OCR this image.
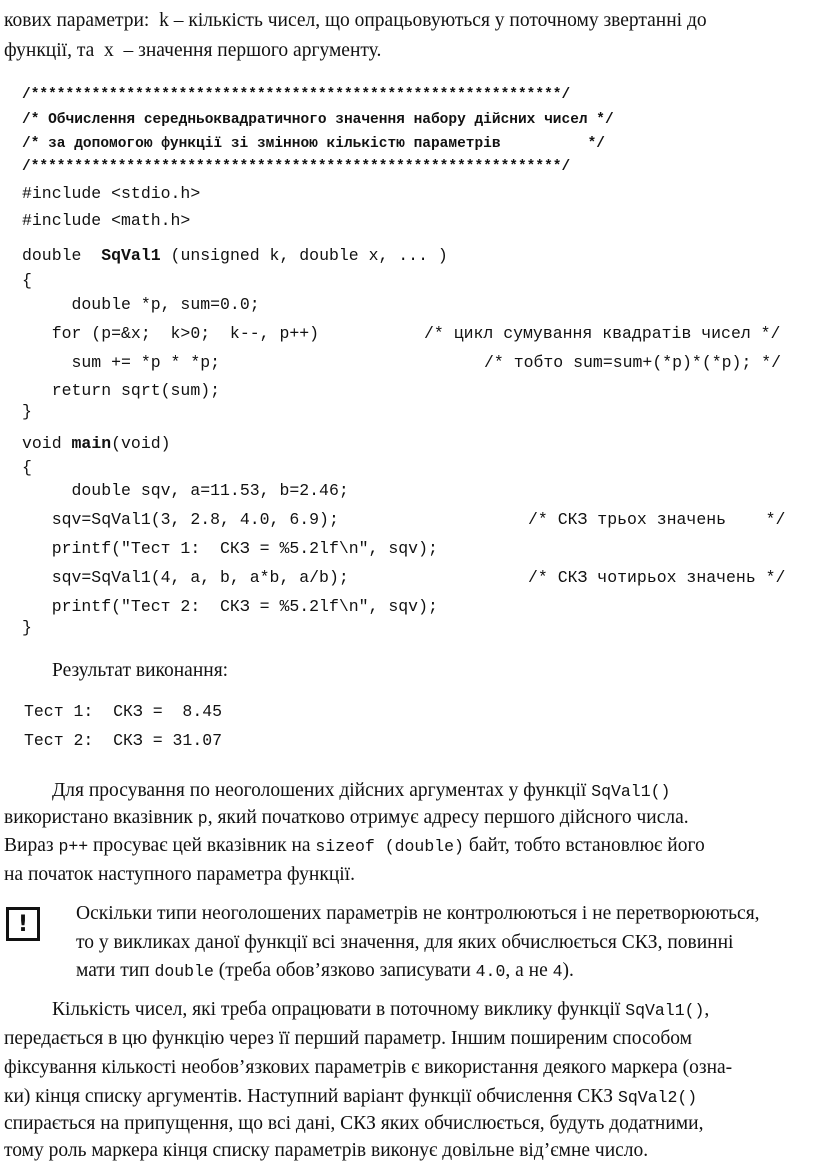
кових параметри:  k – кількість чисел, що опрацьовуються у поточному звертанні до
функції, та  x  – значення першого аргументу.
/*************************************************************/
/* Обчислення середньоквадратичного значення набору дійсних чисел */
/* за допомогою функції зі змінною кількістю параметрів          */
/*************************************************************/
#include <stdio.h>
#include <math.h>
double  SqVal1 (unsigned k, double x, ... )
{
double *p, sum=0.0;
for (p=&x;  k>0;  k--, p++)	/* цикл сумування квадратів чисел */
sum += *p * *p;	/* тобто sum=sum+(*p)*(*p); */
return sqrt(sum);
}
void main(void)
{
double sqv, a=11.53, b=2.46;
sqv=SqVal1(3, 2.8, 4.0, 6.9);	/* СКЗ трьох значень    */
printf("Тест 1:  СКЗ = %5.2lf\n", sqv);
sqv=SqVal1(4, a, b, a*b, a/b);	/* СКЗ чотирьох значень */
printf("Тест 2:  СКЗ = %5.2lf\n", sqv);
}
Результат виконання:
Тест 1:  СКЗ =  8.45
Тест 2:  СКЗ = 31.07
Для просування по неоголошених дійсних аргументах у функції SqVal1()
використано вказівник p, який початково отримує адресу першого дійсного числа.
Вираз p++ просуває цей вказівник на sizeof (double) байт, тобто встановлює його
на початок наступного параметра функції.
!	Оскільки типи неоголошених параметрів не контролюються і не перетворюються,
то у викликах даної функції всі значення, для яких обчислюється СКЗ, повинні
мати тип double (треба обов’язково записувати 4.0, а не 4).
Кількість чисел, які треба опрацювати в поточному виклику функції SqVal1(),
передається в цю функцію через її перший параметр. Іншим поширеним способом
фіксування кількості необов’язкових параметрів є використання деякого маркера (озна-
ки) кінця списку аргументів. Наступний варіант функції обчислення СКЗ SqVal2()
спирається на припущення, що всі дані, СКЗ яких обчислюється, будуть додатними,
тому роль маркера кінця списку параметрів виконує довільне від’ємне число.
